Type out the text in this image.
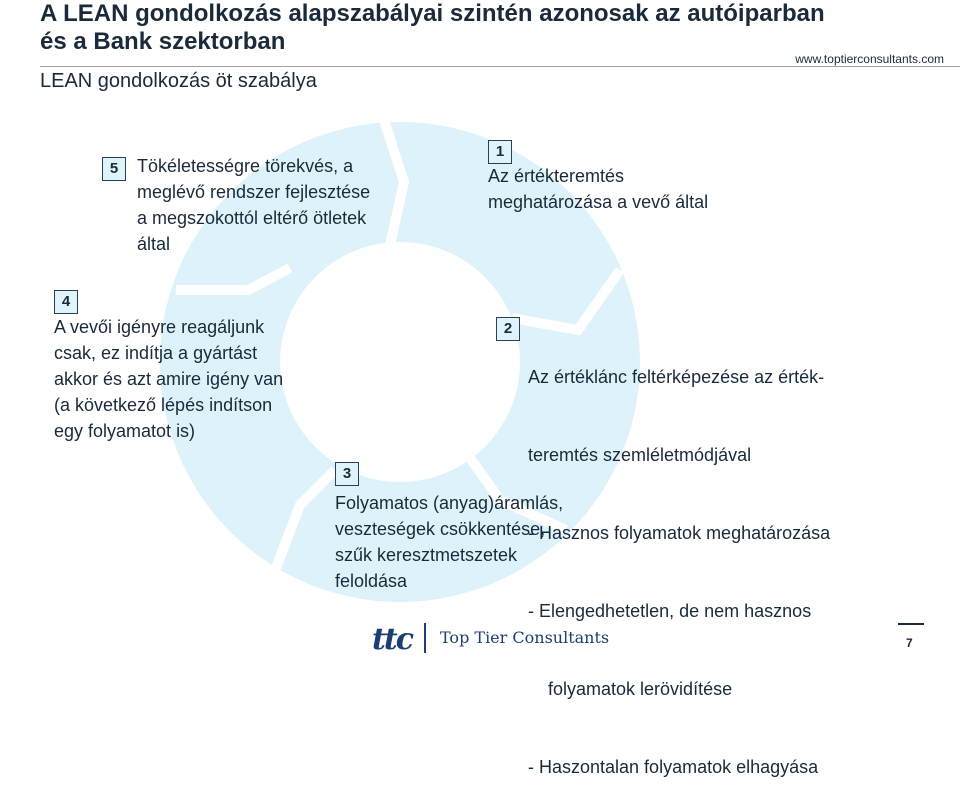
A LEAN gondolkozás alapszabályai szintén azonosak az autóiparban
és a Bank szektorban
www.toptierconsultants.com
LEAN gondolkozás öt szabálya
5	Tökéletességre törekvés, a
meglévő rendszer fejlesztése
a megszokottól eltérő ötletek
által
1
Az értékteremtés
meghatározása a vevő által
4
A vevői igényre reagáljunk
csak, ez indítja a gyártást
akkor és azt amire igény van
(a következő lépés indítson
egy folyamatot is)
2

Az értéklánc feltérképezése az érték-

teremtés szemléletmódjával

- Hasznos folyamatok meghatározása

- Elengedhetetlen, de nem hasznos

folyamatok lerövidítése

- Haszontalan folyamatok elhagyása

3
Folyamatos (anyag)áramlás,
veszteségek csökkentése,
szűk keresztmetszetek
feloldása
ttc Top Tier Consultants	7
